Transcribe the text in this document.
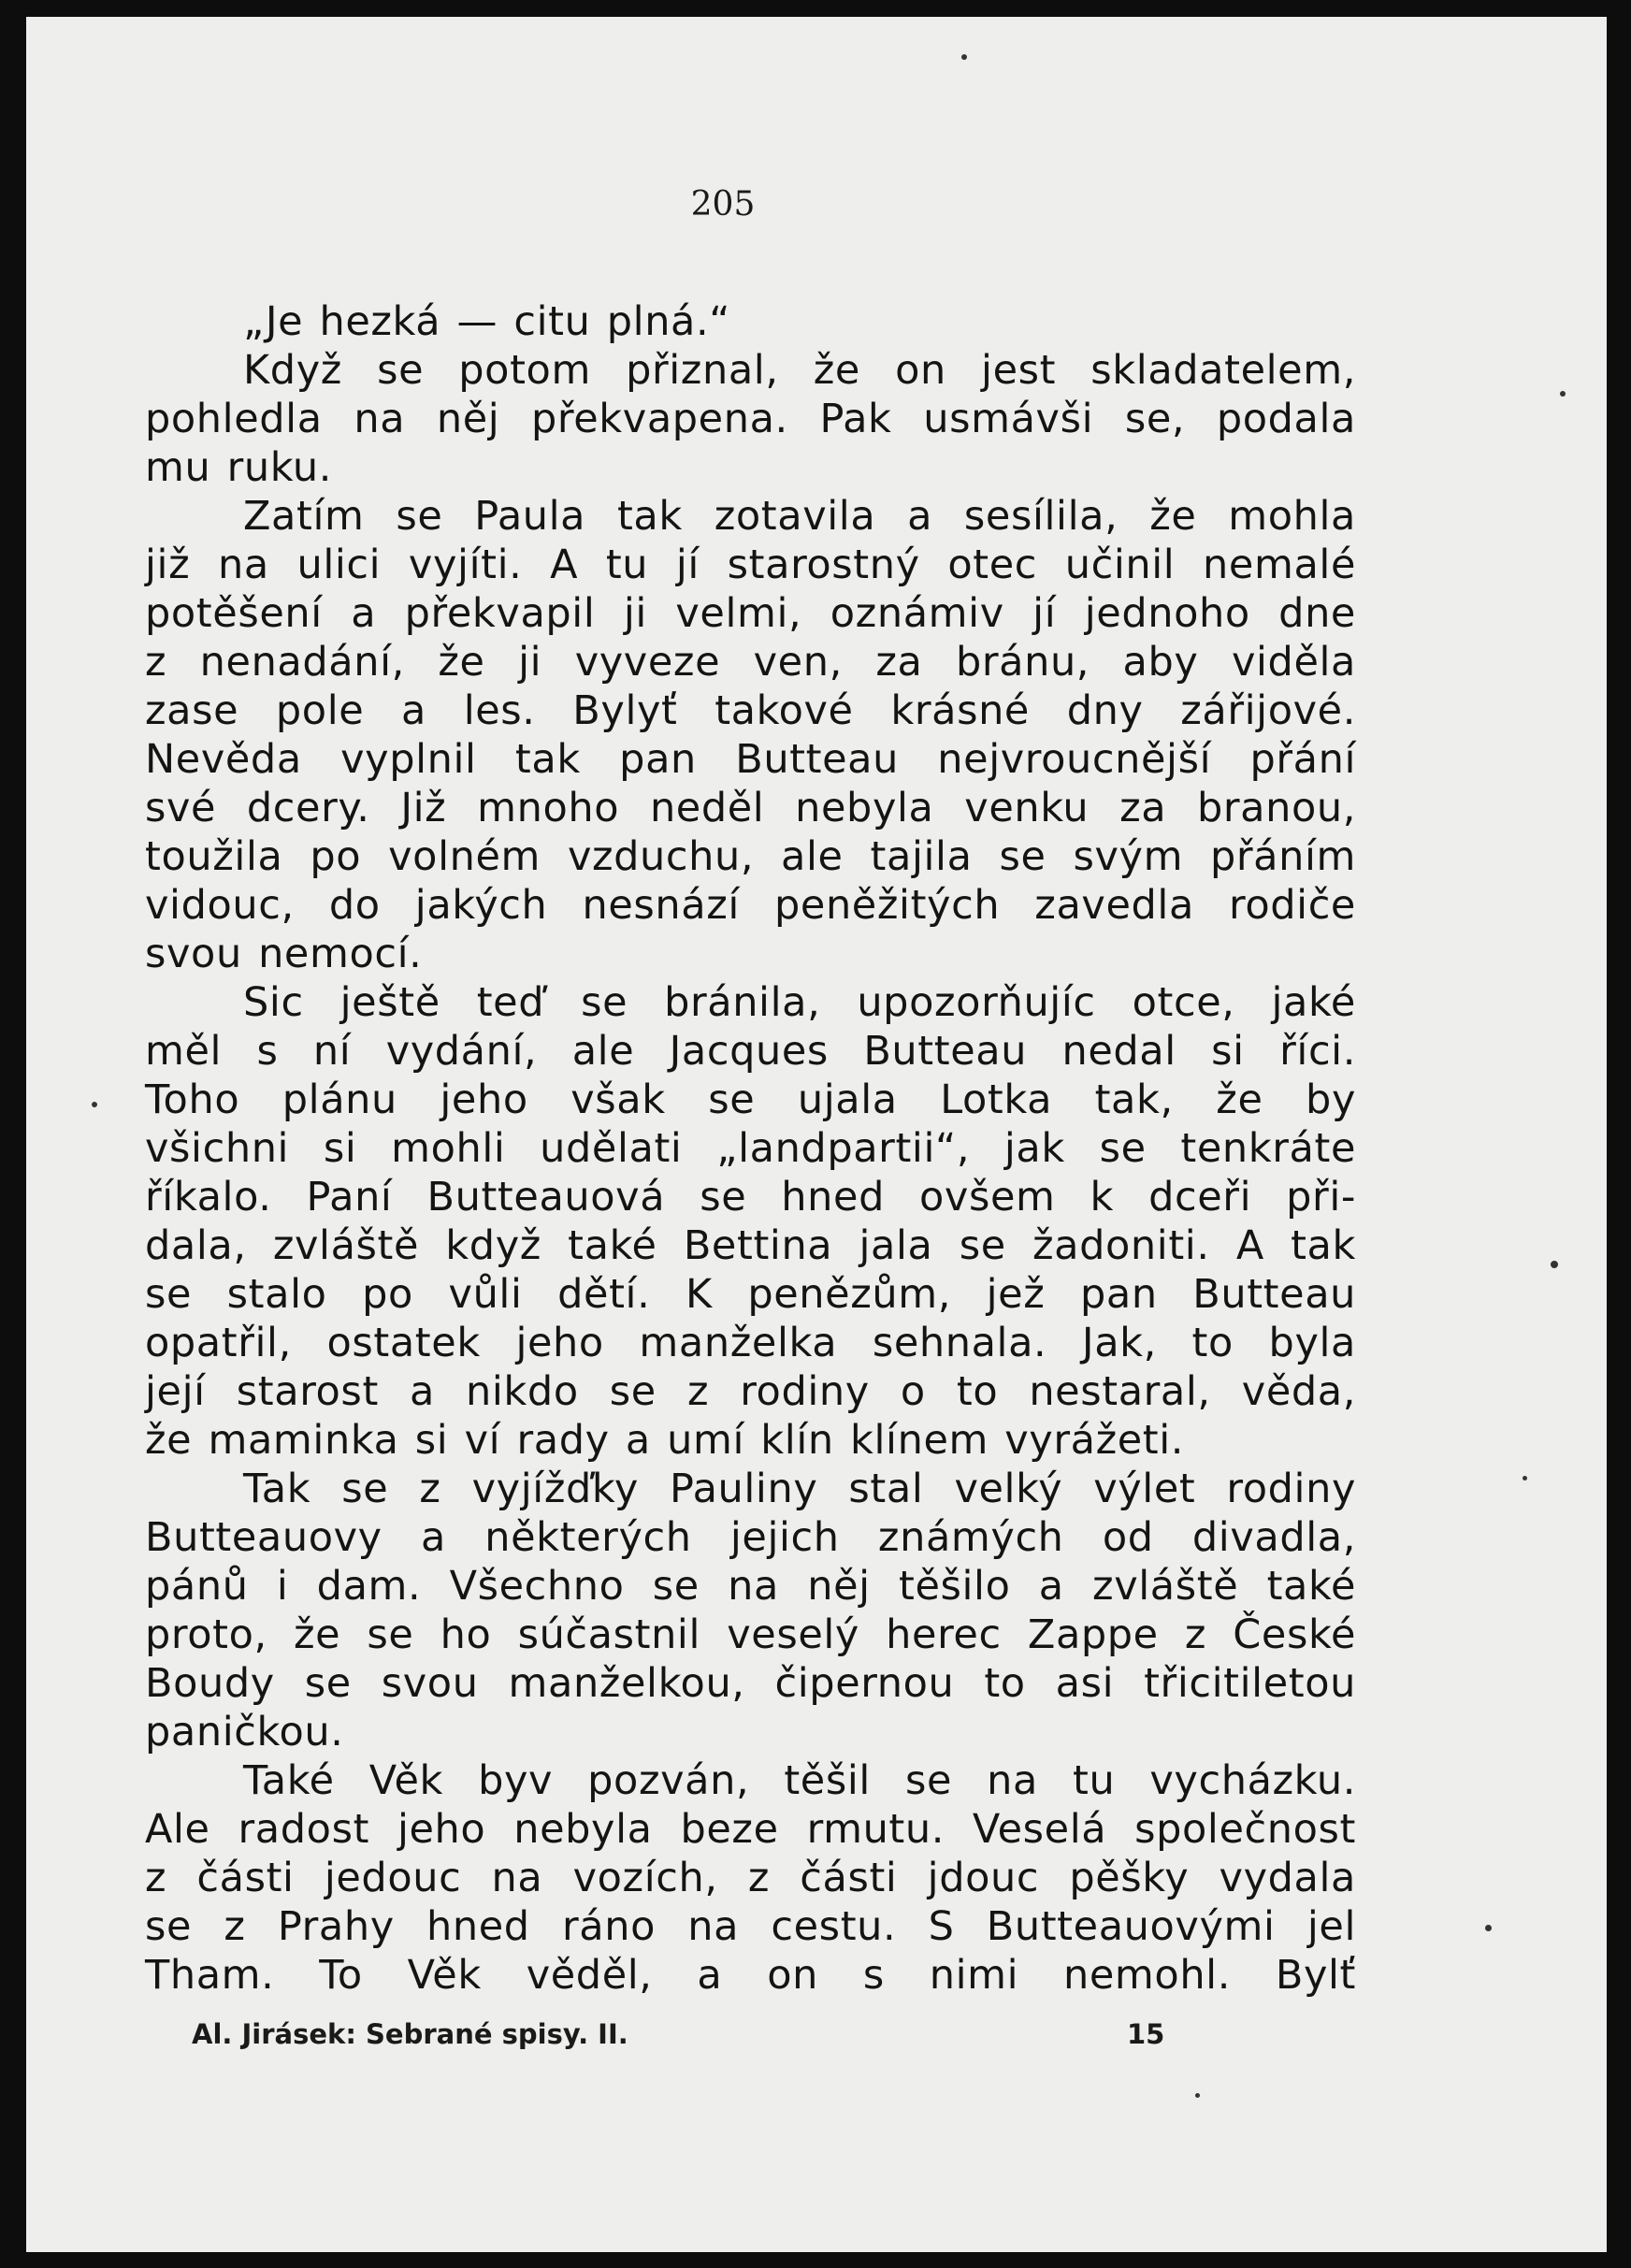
205
„Je hezká — citu plná.“
Když se potom přiznal, že on jest skladatelem,
pohledla na něj překvapena. Pak usmávši se, podala
mu ruku.
Zatím se Paula tak zotavila a sesílila, že mohla
již na ulici vyjíti. A tu jí starostný otec učinil nemalé
potěšení a překvapil ji velmi, oznámiv jí jednoho dne
z nenadání, že ji vyveze ven, za bránu, aby viděla
zase pole a les. Bylyť takové krásné dny zářijové.
Nevěda vyplnil tak pan Butteau nejvroucnější přání
své dcery. Již mnoho neděl nebyla venku za branou,
toužila po volném vzduchu, ale tajila se svým přáním
vidouc, do jakých nesnází peněžitých zavedla rodiče
svou nemocí.
Sic ještě teď se bránila, upozorňujíc otce, jaké
měl s ní vydání, ale Jacques Butteau nedal si říci.
Toho plánu jeho však se ujala Lotka tak, že by
všichni si mohli udělati „landpartii“, jak se tenkráte
říkalo. Paní Butteauová se hned ovšem k dceři při-
dala, zvláště když také Bettina jala se žadoniti. A tak
se stalo po vůli dětí. K penězům, jež pan Butteau
opatřil, ostatek jeho manželka sehnala. Jak, to byla
její starost a nikdo se z rodiny o to nestaral, věda,
že maminka si ví rady a umí klín klínem vyrážeti.
Tak se z vyjížďky Pauliny stal velký výlet rodiny
Butteauovy a některých jejich známých od divadla,
pánů i dam. Všechno se na něj těšilo a zvláště také
proto, že se ho súčastnil veselý herec Zappe z České
Boudy se svou manželkou, čipernou to asi třicitiletou
paničkou.
Také Věk byv pozván, těšil se na tu vycházku.
Ale radost jeho nebyla beze rmutu. Veselá společnost
z části jedouc na vozích, z části jdouc pěšky vydala
se z Prahy hned ráno na cestu. S Butteauovými jel
Tham. To Věk věděl, a on s nimi nemohl. Bylť
Al. Jirásek: Sebrané spisy. II.	15
